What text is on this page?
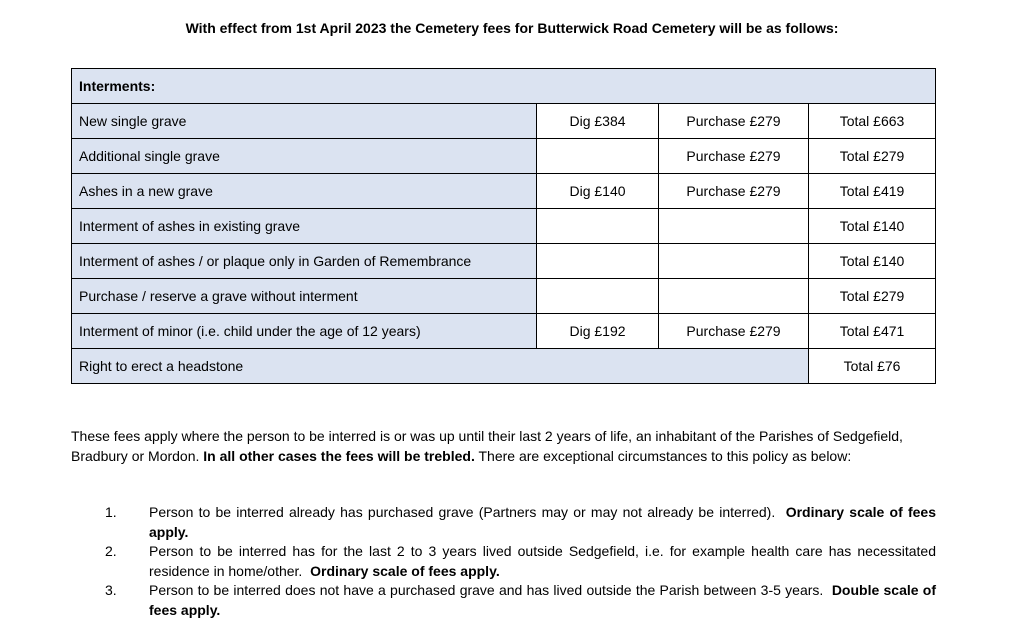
With effect from 1st April 2023 the Cemetery fees for Butterwick Road Cemetery will be as follows:
Interments:			
New single grave	Dig £384	Purchase £279	Total £663
Additional single grave		Purchase £279	Total £279
Ashes in a new grave	Dig £140	Purchase £279	Total £419
Interment of ashes in existing grave			Total £140
Interment of ashes / or plaque only in Garden of Remembrance			Total £140
Purchase / reserve a grave without interment			Total £279
Interment of minor (i.e. child under the age of 12 years)	Dig £192	Purchase £279	Total £471
Right to erect a headstone			Total £76

These fees apply where the person to be interred is or was up until their last 2 years of life, an inhabitant of the Parishes of Sedgefield, Bradbury or Mordon. In all other cases the fees will be trebled. There are exceptional circumstances to this policy as below:

1.	Person to be interred already has purchased grave (Partners may or may not already be interred). Ordinary scale of fees apply.
2.	Person to be interred has for the last 2 to 3 years lived outside Sedgefield, i.e. for example health care has necessitated residence in home/other. Ordinary scale of fees apply.
3.	Person to be interred does not have a purchased grave and has lived outside the Parish between 3-5 years. Double scale of fees apply.
